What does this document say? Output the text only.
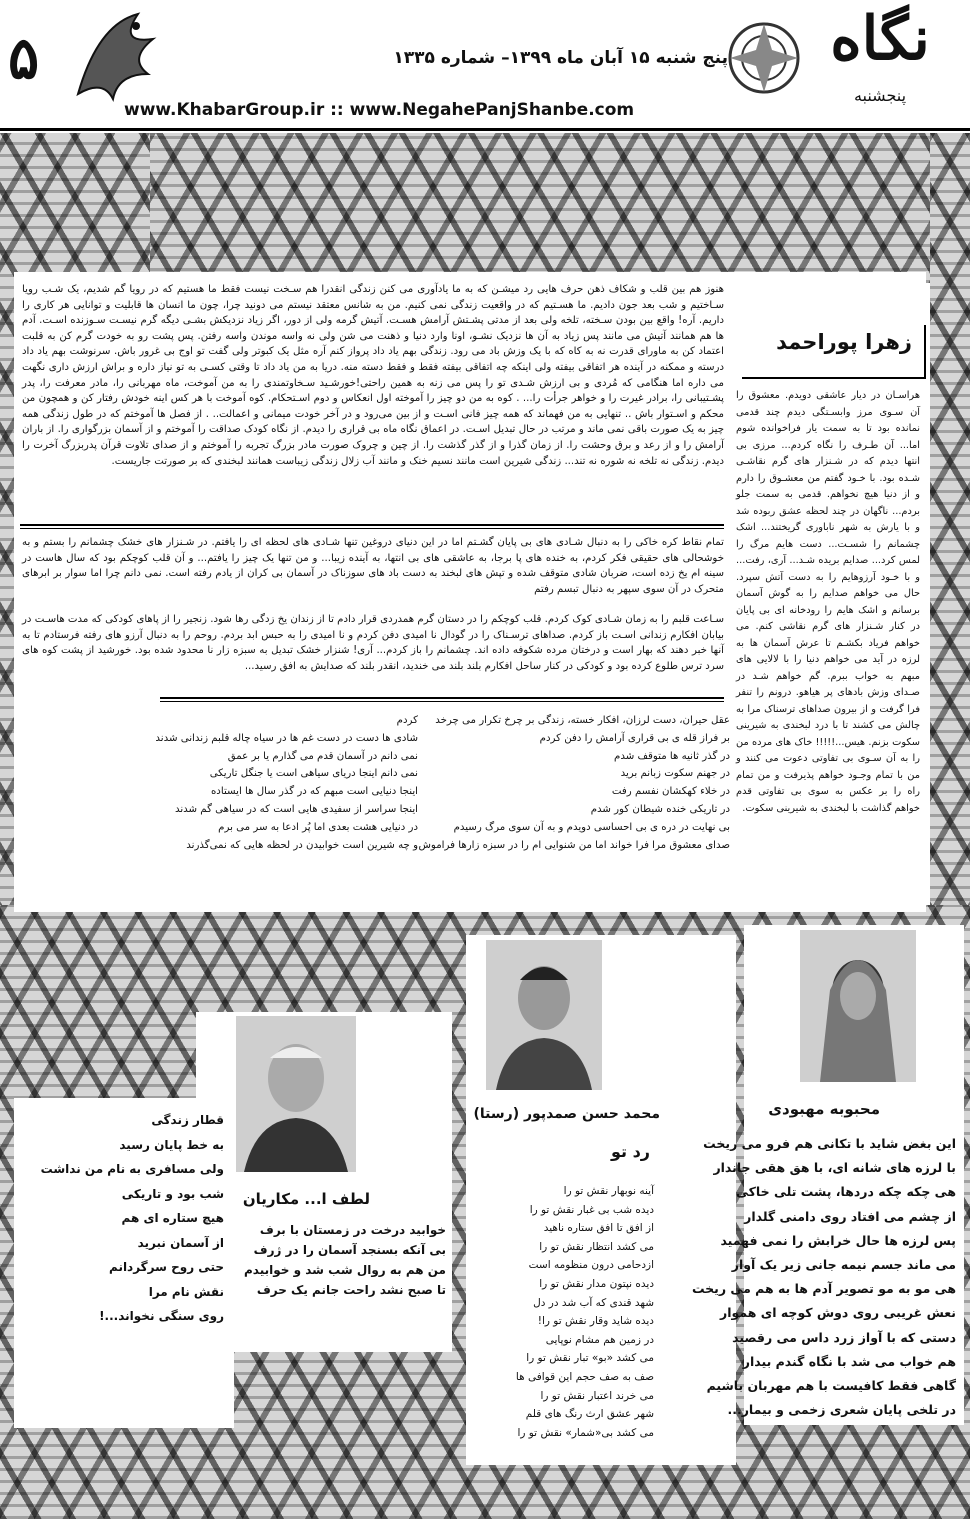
۵	پنج شنبه ۱۵ آبان ماه ۱۳۹۹– شماره ۱۳۳۵
www.KhabarGroup.ir :: www.NegahePanjShanbe.com
نگاه
پنجشنبه
هنوز هم بین قلب و شکاف ذهن حرف هایی رد میشـن که به ما یادآوری می کنن زندگی انقدرا هم سـخت نیست فقط ما هستیم که در رویا گم شدیم، یک شـب رویا سـاختیم و شب بعد جون دادیم. ما هسـتیم که در واقعیت زندگی نمی کنیم. من به شانس معتقد نیستم می دونید چرا، چون ما انسان ها قابلیت و توانایی هر کاری را داریم. آره! واقع بین بودن سـخته، تلخه ولی بعد از مدتی پشـتش آرامش هسـت. آتیش گرمه ولی از دور، اگر زیاد نزدیکش بشـی دیگه گرم نیسـت سـوزنده اسـت. آدم ها هم همانند آتیش می مانند پس زیاد به آن ها نزدیک نشـو، اونا وارد دنیا و ذهنت می شن ولی نه واسه موندن واسه رفتن. پس پشت رو به خودت گرم کن به قلبت اعتماد کن به ماورای قدرت نه به کاه که با یک وزش باد می رود. زندگی بهم یاد داد پرواز کنم آره مثل یک کبوتر ولی گفت تو اوج بی غرور باش. سرنوشت بهم یاد داد درسته و ممکنه در آینده هر اتفاقی بیفته ولی اینکه چه اتفاقی بیفته فقط و فقط دسته منه. دریا به من یاد داد تا وقتی کسـی به تو نیاز داره و براش ارزش داری نگهت می داره اما هنگامی که مُردی و بی ارزش شـدی تو را پس می زنه به همین راحتی!خورشـید سـخاوتمندی را به من آموخت، ماه مهربانی را، مادر معرفت را، پدر پشـتیبانی را، برادر غیرت را و خواهر جرأت را... . کوه به من دو چیز را آموخته اول انعکاس و دوم اسـتحکام. کوه آموخت با هر کس اینه خودش رفتار کن و همچون من محکم و اسـتوار باش .. تنهایی به من فهماند که همه چیز فانی اسـت و از بین می‌رود و در آخر خودت میمانی و اعمالت.. . از فصل ها آموختم که در طول زندگی همه چیز به یک صورت باقی نمی ماند و مرتب در حال تبدیل اسـت. در اعماق نگاه ماه بی قراری را دیدم. از نگاه کودک صداقت را آموختم و از آسمان بزرگواری را. از باران آرامش را و از رعد و برق وحشت را. از زمان گذرا و از گذر گذشت را. از چین و چروک صورت مادر بزرگ تجربه را آموختم و از صدای تلاوت قرآن پدربزرگ آخرت را دیدم. زندگی نه تلخه نه شوره نه تند... زندگی شیرین است مانند نسیم خنک و مانند آب زلال زندگی زیباست همانند لبخندی که بر صورتت جاریست.
زهرا پوراحمد
هراسـان در دیار عاشقی دویدم. معشوق را آن سـوی مرز وابسـتگی دیدم چند قدمی نمانده بود تا به سمت یار فراخوانده شوم اما... آن طـرف را نگاه کردم... مرزی بی انتها دیدم که در شـنزار های گرم نقاشـی شـده بود. با خـود گفتم من معشـوق را دارم و از دنیا هیچ نخواهم. قدمی به سمت جلو بردم... ناگهان در چند لحظه عشق ربوده شد و با یارش به شهر ناباوری گریختند... اشک چشمانم را شسـت... دست هایم مرگ را لمس کرد... صدایم بریده شـد... آری، رفت... و با خـود آرزوهایم را به دست آتش سپرد. حال می خواهم صدایم را به گوش آسمان برسانم و اشک هایم را رودخانه ای بی پایان در کنار شـنزار های گرم نقاشی کنم. می خواهم فریاد بکشـم تا عرش آسمان ها به لرزه در آید می خواهم دنیا را با لالایی های مبهم به خواب ببرم. گم خواهم شـد در صـدای وزش بادهای پر هیاهو. درونم را تنفر فرا گرفت و از بیرون صداهای ترسناک مرا به چالش می کشند تا با درد لبخندی به شیرینی سکوت بزنم. هیس...!!!!! خاک های مرده من را به آن سـوی بی تفاوتی دعوت می کنند و من با تمام وجـود خواهم پذیرفت و من تمام راه را بر عکس به سوی بی تفاوتی قدم خواهم گذاشت با لبخندی به شیرینی سکوت.
تمام نقاط کره خاکی را به دنبال شـادی های بی پایان گشـتم اما در این دنیای دروغین تنها شـادی های لحظه ای را یافتم. در شـنزار های خشک چشمانم را بستم و به خوشحالی های حقیقی فکر کردم، به خنده های پا برجا، به عاشقی های بی انتها، به آینده زیبا... و من تنها یک چیز را یافتم... و آن قلب کوچکم بود که سال هاست در سینه ام یخ زده است، ضربان شادی متوقف شده و تپش های لبخند به دست باد های سوزناک در آسمان بی کران از یادم رفته است. نمی دانم چرا اما سوار بر ابرهای متحرک در آن سوی سپهر به دنبال تبسم رفتم
سـاعت قلبم را به زمان شـادی کوک کردم. قلب کوچکم را در دستان گرم همدردی قرار دادم تا از زندان یخ زدگی رها شود. زنجیر را از پاهای کودکی که مدت هاسـت در بیابان افکارم زندانی اسـت باز کردم. صداهای ترسـناک را در گودال نا امیدی دفن کردم و نا امیدی را به حبس ابد بردم. روحم را به دنبال آرزو های رفته فرستادم تا به آنها خبر دهند که بهار است و درختان مرده شکوفه داده اند. چشمانم را باز کردم... آری! شنزار خشک تبدیل به سبزه زار نا محدود شده بود. خورشید از پشت کوه های سرد ترس طلوع کرده بود و کودکی در کنار ساحل افکارم بلند بلند می خندید، انقدر بلند که صدایش به افق رسید...
عقل حیران، دست لرزان، افکار خسته، زندگی بر چرخ تکرار می چرخد
بر فراز قله ی بی قراری آرامش را دفن کردم
در گذر ثانیه ها متوقف شدم
در جهنم سکوت زبانم برید
در خلاء کهکشان نفسم رفت
در تاریکی خنده شیطان کور شدم
بی نهایت در دره ی بی احساسی دویدم و به آن سوی مرگ رسیدم
صدای معشوق مرا فرا خواند اما من شنوایی ام را در سبزه زارها فراموش
کردم
شادی ها دست در دست غم ها در سیاه چاله قلبم زندانی شدند
نمی دانم در آسمان قدم می گذارم یا بر عمق
نمی دانم اینجا دریای سیاهی است یا جنگل تاریکی
اینجا دنیایی است مبهم که در گذر سال ها ایستاده
اینجا سراسر از سفیدی هایی است که در سیاهی گم شدند
در دنیایی هشت بعدی اما پُر ادعا به سر می برم
و چه شیرین است خوابیدن در لحظه هایی که نمی‌گذرند
محبوبه مهبودی
این بغض شاید با تکانی هم فرو می ریخت
با لرزه های شانه ای، با هق هقی جاندار
هی چکه چکه دردها، پشت تلی خاکی
از چشم می افتاد روی دامنی گلدار
پس لرزه ها حال خرابش را نمی فهمید
می ماند جسم نیمه جانی زیر یک آوار
هی مو به مو تصویر آدم ها به هم می ریخت
نعش غریبی روی دوش کوچه ای هموار
دستی که با آواز زرد داس می رقصید
هم خواب می شد با نگاه گندم بیدار
گاهی فقط کافیست با هم مهربان باشیم
در تلخی پایان شعری زخمی و بیمار...
محمد حسن صمدپور (رستا)
رد تو
آینه نوبهار نقش تو را
دیده شب بی غبار نقش تو را
از افق تا افق ستاره ناهید
می کشد انتظار نقش تو را
ازدحامی درون منظومه است
دیده نپتون مدار نقش تو را
شهد قندی که آب شد در دل
دیده شاید وقار نقش تو را!
در زمین هم مشام نوپایی
می کشد «بو» تبار نقش تو را
صف به صف حجم این قوافی ها
می خرند اعتبار نقش تو را
شهر عشق ارث رنگ های قلم
می کشد بی«شمار» نقش تو را
لطف ا... مکاریان
خوابید درخت در زمستان با برف
بی آنکه بسنجد آسمان را در ژرف
من هم به روال شب شد و خوابیدم
تا صبح نشد راحت جانم یک حرف
قطار زندگی
به خط پایان رسید
ولی مسافری به نام من نداشت
شب بود و تاریکی
هیچ ستاره ای هم
از آسمان نبرید
حتی روح سرگردانم
نقش نام مرا
روی سنگی نخواند...!
